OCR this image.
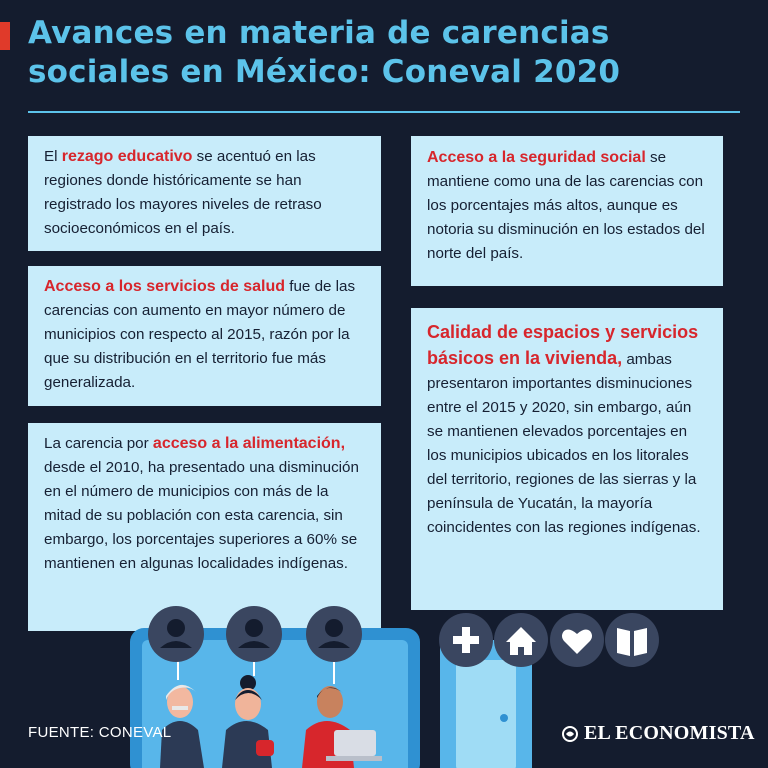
Avances en materia de carencias sociales en México: Coneval 2020
El rezago educativo se acentuó en las regiones donde históricamente se han registrado los mayores niveles de retraso socioeconómicos en el país.
Acceso a los servicios de salud fue de las carencias con aumento en mayor número de municipios con respecto al 2015, razón por la que su distribución en el territorio fue más generalizada.
La carencia por acceso a la alimentación, desde el 2010, ha presentado una disminución en el número de municipios con más de la mitad de su población con esta carencia, sin embargo, los porcentajes superiores a 60% se mantienen en algunas localidades indígenas.
Acceso a la seguridad social se mantiene como una de las carencias con los porcentajes más altos, aunque es notoria su disminución en los estados del norte del país.
Calidad de espacios y servicios básicos en la vivienda, ambas presentaron importantes disminuciones entre el 2015 y 2020, sin embargo, aún se mantienen elevados porcentajes en los municipios ubicados en los litorales del territorio, regiones de las sierras y la península de Yucatán, la mayoría coincidentes con las regiones indígenas.
FUENTE: CONEVAL	EL ECONOMISTA
